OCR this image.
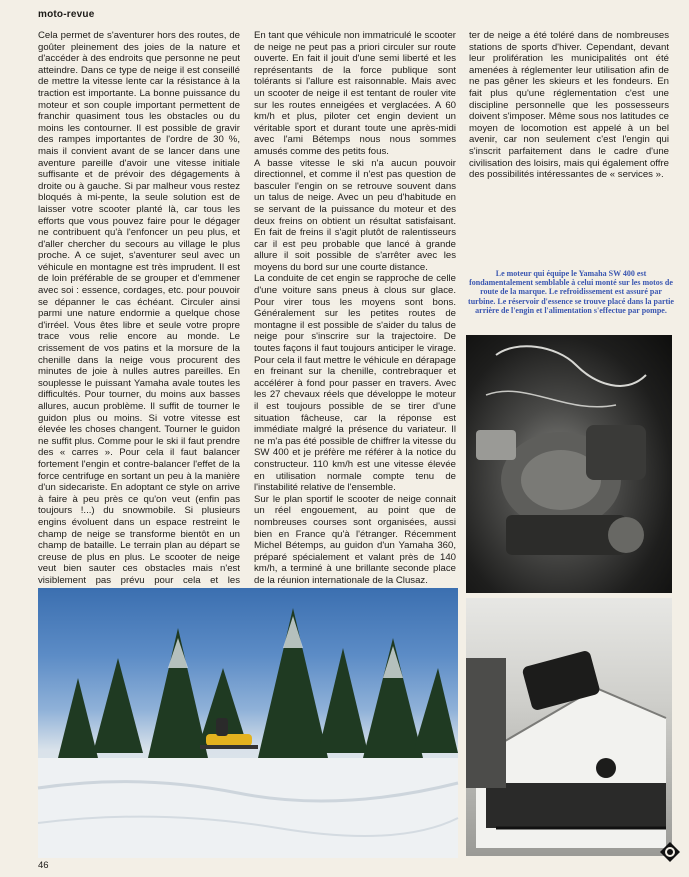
moto-revue

Cela permet de s'aventurer hors des routes, de goûter pleinement des joies de la nature et d'accéder à des endroits que personne ne peut atteindre. Dans ce type de neige il est conseillé de mettre la vitesse lente car la résistance à la traction est importante. La bonne puissance du moteur et son couple important permettent de franchir quasiment tous les obstacles ou du moins les contourner. Il est possible de gravir des rampes importantes de l'ordre de 30 %, mais il convient avant de se lancer dans une aventure pareille d'avoir une vitesse initiale suffisante et de prévoir des dégagements à droite ou à gauche. Si par malheur vous restez bloqués à mi-pente, la seule solution est de laisser votre scooter planté là, car tous les efforts que vous pouvez faire pour le dégager ne contribuent qu'à l'enfoncer un peu plus, et d'aller chercher du secours au village le plus proche. A ce sujet, s'aventurer seul avec un véhicule en montagne est très imprudent. Il est de loin préférable de se grouper et d'emmener avec soi : essence, cordages, etc. pour pouvoir se dépanner le cas échéant. Circuler ainsi parmi une nature endormie a quelque chose d'irréel. Vous êtes libre et seule votre propre trace vous relie encore au monde. Le crissement de vos patins et la morsure de la chenille dans la neige vous procurent des minutes de joie à nulles autres pareilles. En souplesse le puissant Yamaha avale toutes les difficultés. Pour tourner, du moins aux basses allures, aucun problème. Il suffit de tourner le guidon plus ou moins. Si votre vitesse est élevée les choses changent. Tourner le guidon ne suffit plus. Comme pour le ski il faut prendre des « carres ». Pour cela il faut balancer fortement l'engin et contre-balancer l'effet de la force centrifuge en sortant un peu à la manière d'un sidecariste. En adoptant ce style on arrive à faire à peu près ce qu'on veut (enfin pas toujours !...) du snowmobile. Si plusieurs engins évoluent dans un espace restreint le champ de neige se transforme bientôt en un champ de bataille. Le terrain plan au départ se creuse de plus en plus. Le scooter de neige veut bien sauter ces obstacles mais n'est visiblement pas prévu pour cela et les

En tant que véhicule non immatriculé le scooter de neige ne peut pas a priori circuler sur route ouverte. En fait il jouit d'une semi liberté et les représentants de la force publique sont tolérants si l'allure est raisonnable. Mais avec un scooter de neige il est tentant de rouler vite sur les routes enneigées et verglacées. A 60 km/h et plus, piloter cet engin devient un véritable sport et durant toute une après-midi avec l'ami Bétemps nous nous sommes amusés comme des petits fous.

A basse vitesse le ski n'a aucun pouvoir directionnel, et comme il n'est pas question de basculer l'engin on se retrouve souvent dans un talus de neige. Avec un peu d'habitude en se servant de la puissance du moteur et des deux freins on obtient un résultat satisfaisant. En fait de freins il s'agit plutôt de ralentisseurs car il est peu probable que lancé à grande allure il soit possible de s'arrêter avec les moyens du bord sur une courte distance.

La conduite de cet engin se rapproche de celle d'une voiture sans pneus à clous sur glace. Pour virer tous les moyens sont bons. Généralement sur les petites routes de montagne il est possible de s'aider du talus de neige pour s'inscrire sur la trajectoire. De toutes façons il faut toujours anticiper le virage. Pour cela il faut mettre le véhicule en dérapage en freinant sur la chenille, contrebraquer et accélérer à fond pour passer en travers. Avec les 27 chevaux réels que développe le moteur il est toujours possible de se tirer d'une situation fâcheuse, car la réponse est immédiate malgré la présence du variateur. Il ne m'a pas été possible de chiffrer la vitesse du SW 400 et je préfère me référer à la notice du constructeur. 110 km/h est une vitesse élevée en utilisation normale compte tenu de l'instabilité relative de l'ensemble.

Sur le plan sportif le scooter de neige connait un réel engouement, au point que de nombreuses courses sont organisées, aussi bien en France qu'à l'étranger. Récemment Michel Bétemps, au guidon d'un Yamaha 360, préparé spécialement et valant près de 140 km/h, a terminé à une brillante seconde place de la réunion internationale de la Clusaz.

ter de neige a été toléré dans de nombreuses stations de sports d'hiver. Cependant, devant leur prolifération les municipalités ont été amenées à réglementer leur utilisation afin de ne pas gêner les skieurs et les fondeurs. En fait plus qu'une réglementation c'est une discipline personnelle que les possesseurs doivent s'imposer. Même sous nos latitudes ce moyen de locomotion est appelé à un bel avenir, car non seulement c'est l'engin qui s'inscrit parfaitement dans le cadre d'une civilisation des loisirs, mais qui également offre des possibilités intéressantes de « services ».

Le moteur qui équipe le Yamaha SW 400 est fondamentalement semblable à celui monté sur les motos de route de la marque. Le refroidissement est assuré par turbine. Le réservoir d'essence se trouve placé dans la partie arrière de l'engin et l'alimentation s'effectue par pompe.
46
